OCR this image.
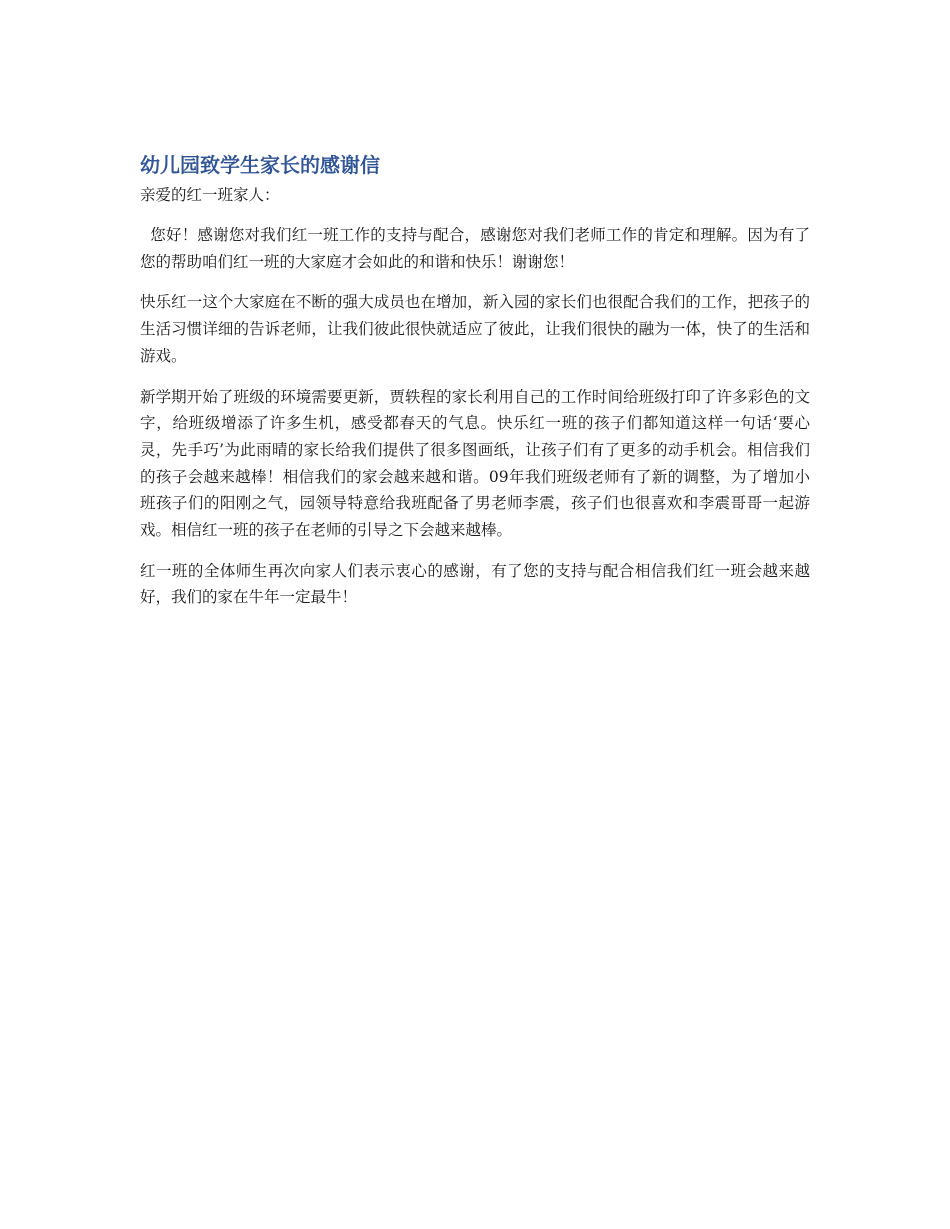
幼儿园致学生家长的感谢信

亲爱的红一班家人：

您好！感谢您对我们红一班工作的支持与配合，感谢您对我们老师工作的肯定和理解。因为有了您的帮助咱们红一班的大家庭才会如此的和谐和快乐！谢谢您！

快乐红一这个大家庭在不断的强大成员也在增加，新入园的家长们也很配合我们的工作，把孩子的生活习惯详细的告诉老师，让我们彼此很快就适应了彼此，让我们很快的融为一体，快了的生活和游戏。

新学期开始了班级的环境需要更新，贾轶程的家长利用自己的工作时间给班级打印了许多彩色的文字，给班级增添了许多生机，感受都春天的气息。快乐红一班的孩子们都知道这样一句话‘要心灵，先手巧’为此雨晴的家长给我们提供了很多图画纸，让孩子们有了更多的动手机会。相信我们的孩子会越来越棒！相信我们的家会越来越和谐。09年我们班级老师有了新的调整，为了增加小班孩子们的阳刚之气，园领导特意给我班配备了男老师李震，孩子们也很喜欢和李震哥哥一起游戏。相信红一班的孩子在老师的引导之下会越来越棒。

红一班的全体师生再次向家人们表示衷心的感谢，有了您的支持与配合相信我们红一班会越来越好，我们的家在牛年一定最牛！
